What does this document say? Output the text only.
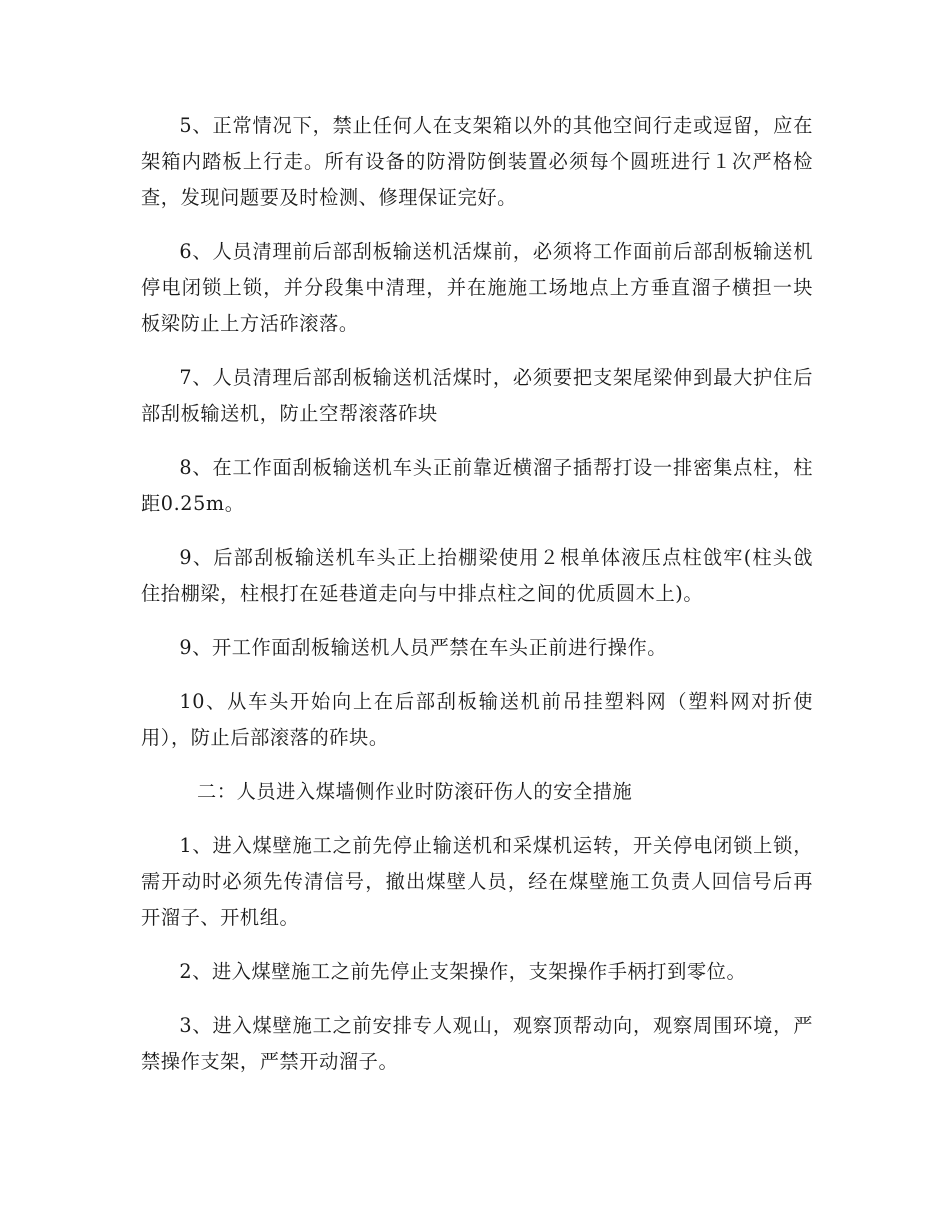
5、正常情况下，禁止任何人在支架箱以外的其他空间行走或逗留，应在架箱内踏板上行走。所有设备的防滑防倒装置必须每个圆班进行１次严格检查，发现问题要及时检测、修理保证完好。

6、人员清理前后部刮板输送机活煤前，必须将工作面前后部刮板输送机停电闭锁上锁，并分段集中清理，并在施施工场地点上方垂直溜子横担一块板梁防止上方活砟滚落。

7、人员清理后部刮板输送机活煤时，必须要把支架尾梁伸到最大护住后部刮板输送机，防止空帮滚落砟块

8、在工作面刮板输送机车头正前靠近横溜子插帮打设一排密集点柱，柱距0.25m。

9、后部刮板输送机车头正上抬棚梁使用２根单体液压点柱戗牢(柱头戗住抬棚梁，柱根打在延巷道走向与中排点柱之间的优质圆木上)。

9、开工作面刮板输送机人员严禁在车头正前进行操作。

10、从车头开始向上在后部刮板输送机前吊挂塑料网（塑料网对折使用），防止后部滚落的砟块。

二：人员进入煤墙侧作业时防滚矸伤人的安全措施

1、进入煤壁施工之前先停止输送机和采煤机运转，开关停电闭锁上锁，需开动时必须先传清信号，撤出煤壁人员，经在煤壁施工负责人回信号后再开溜子、开机组。

2、进入煤壁施工之前先停止支架操作，支架操作手柄打到零位。

3、进入煤壁施工之前安排专人观山，观察顶帮动向，观察周围环境，严禁操作支架，严禁开动溜子。
